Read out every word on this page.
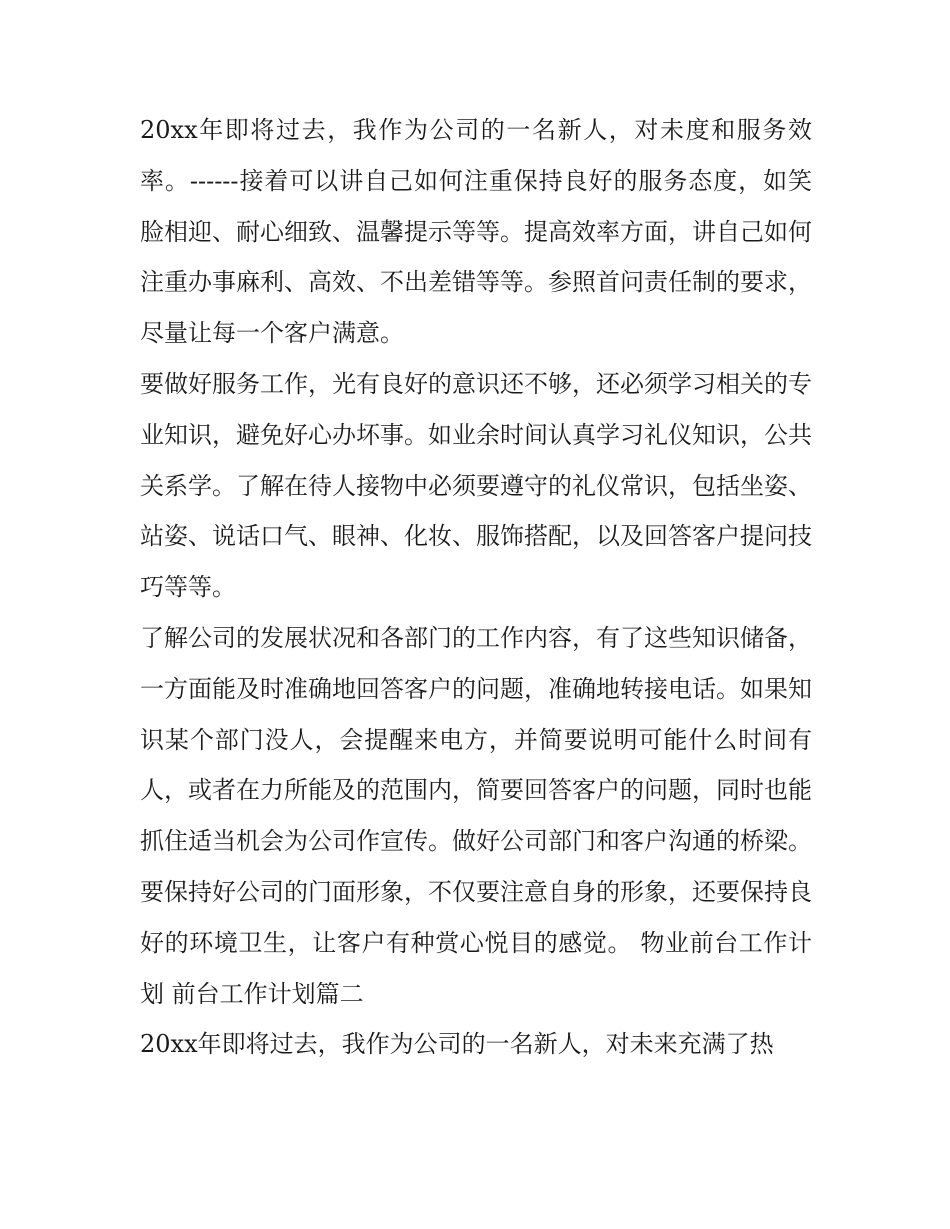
20xx年即将过去，我作为公司的一名新人，对未度和服务效率。------接着可以讲自己如何注重保持良好的服务态度，如笑脸相迎、耐心细致、温馨提示等等。提高效率方面，讲自己如何注重办事麻利、高效、不出差错等等。参照首问责任制的要求，尽量让每一个客户满意。

要做好服务工作，光有良好的意识还不够，还必须学习相关的专业知识，避免好心办坏事。如业余时间认真学习礼仪知识，公共关系学。了解在待人接物中必须要遵守的礼仪常识，包括坐姿、站姿、说话口气、眼神、化妆、服饰搭配，以及回答客户提问技巧等等。

了解公司的发展状况和各部门的工作内容，有了这些知识储备，一方面能及时准确地回答客户的问题，准确地转接电话。如果知识某个部门没人，会提醒来电方，并简要说明可能什么时间有人，或者在力所能及的范围内，简要回答客户的问题，同时也能抓住适当机会为公司作宣传。做好公司部门和客户沟通的桥梁。

要保持好公司的门面形象，不仅要注意自身的形象，还要保持良好的环境卫生，让客户有种赏心悦目的感觉。 物业前台工作计划 前台工作计划篇二

20xx年即将过去，我作为公司的一名新人，对未来充满了热
